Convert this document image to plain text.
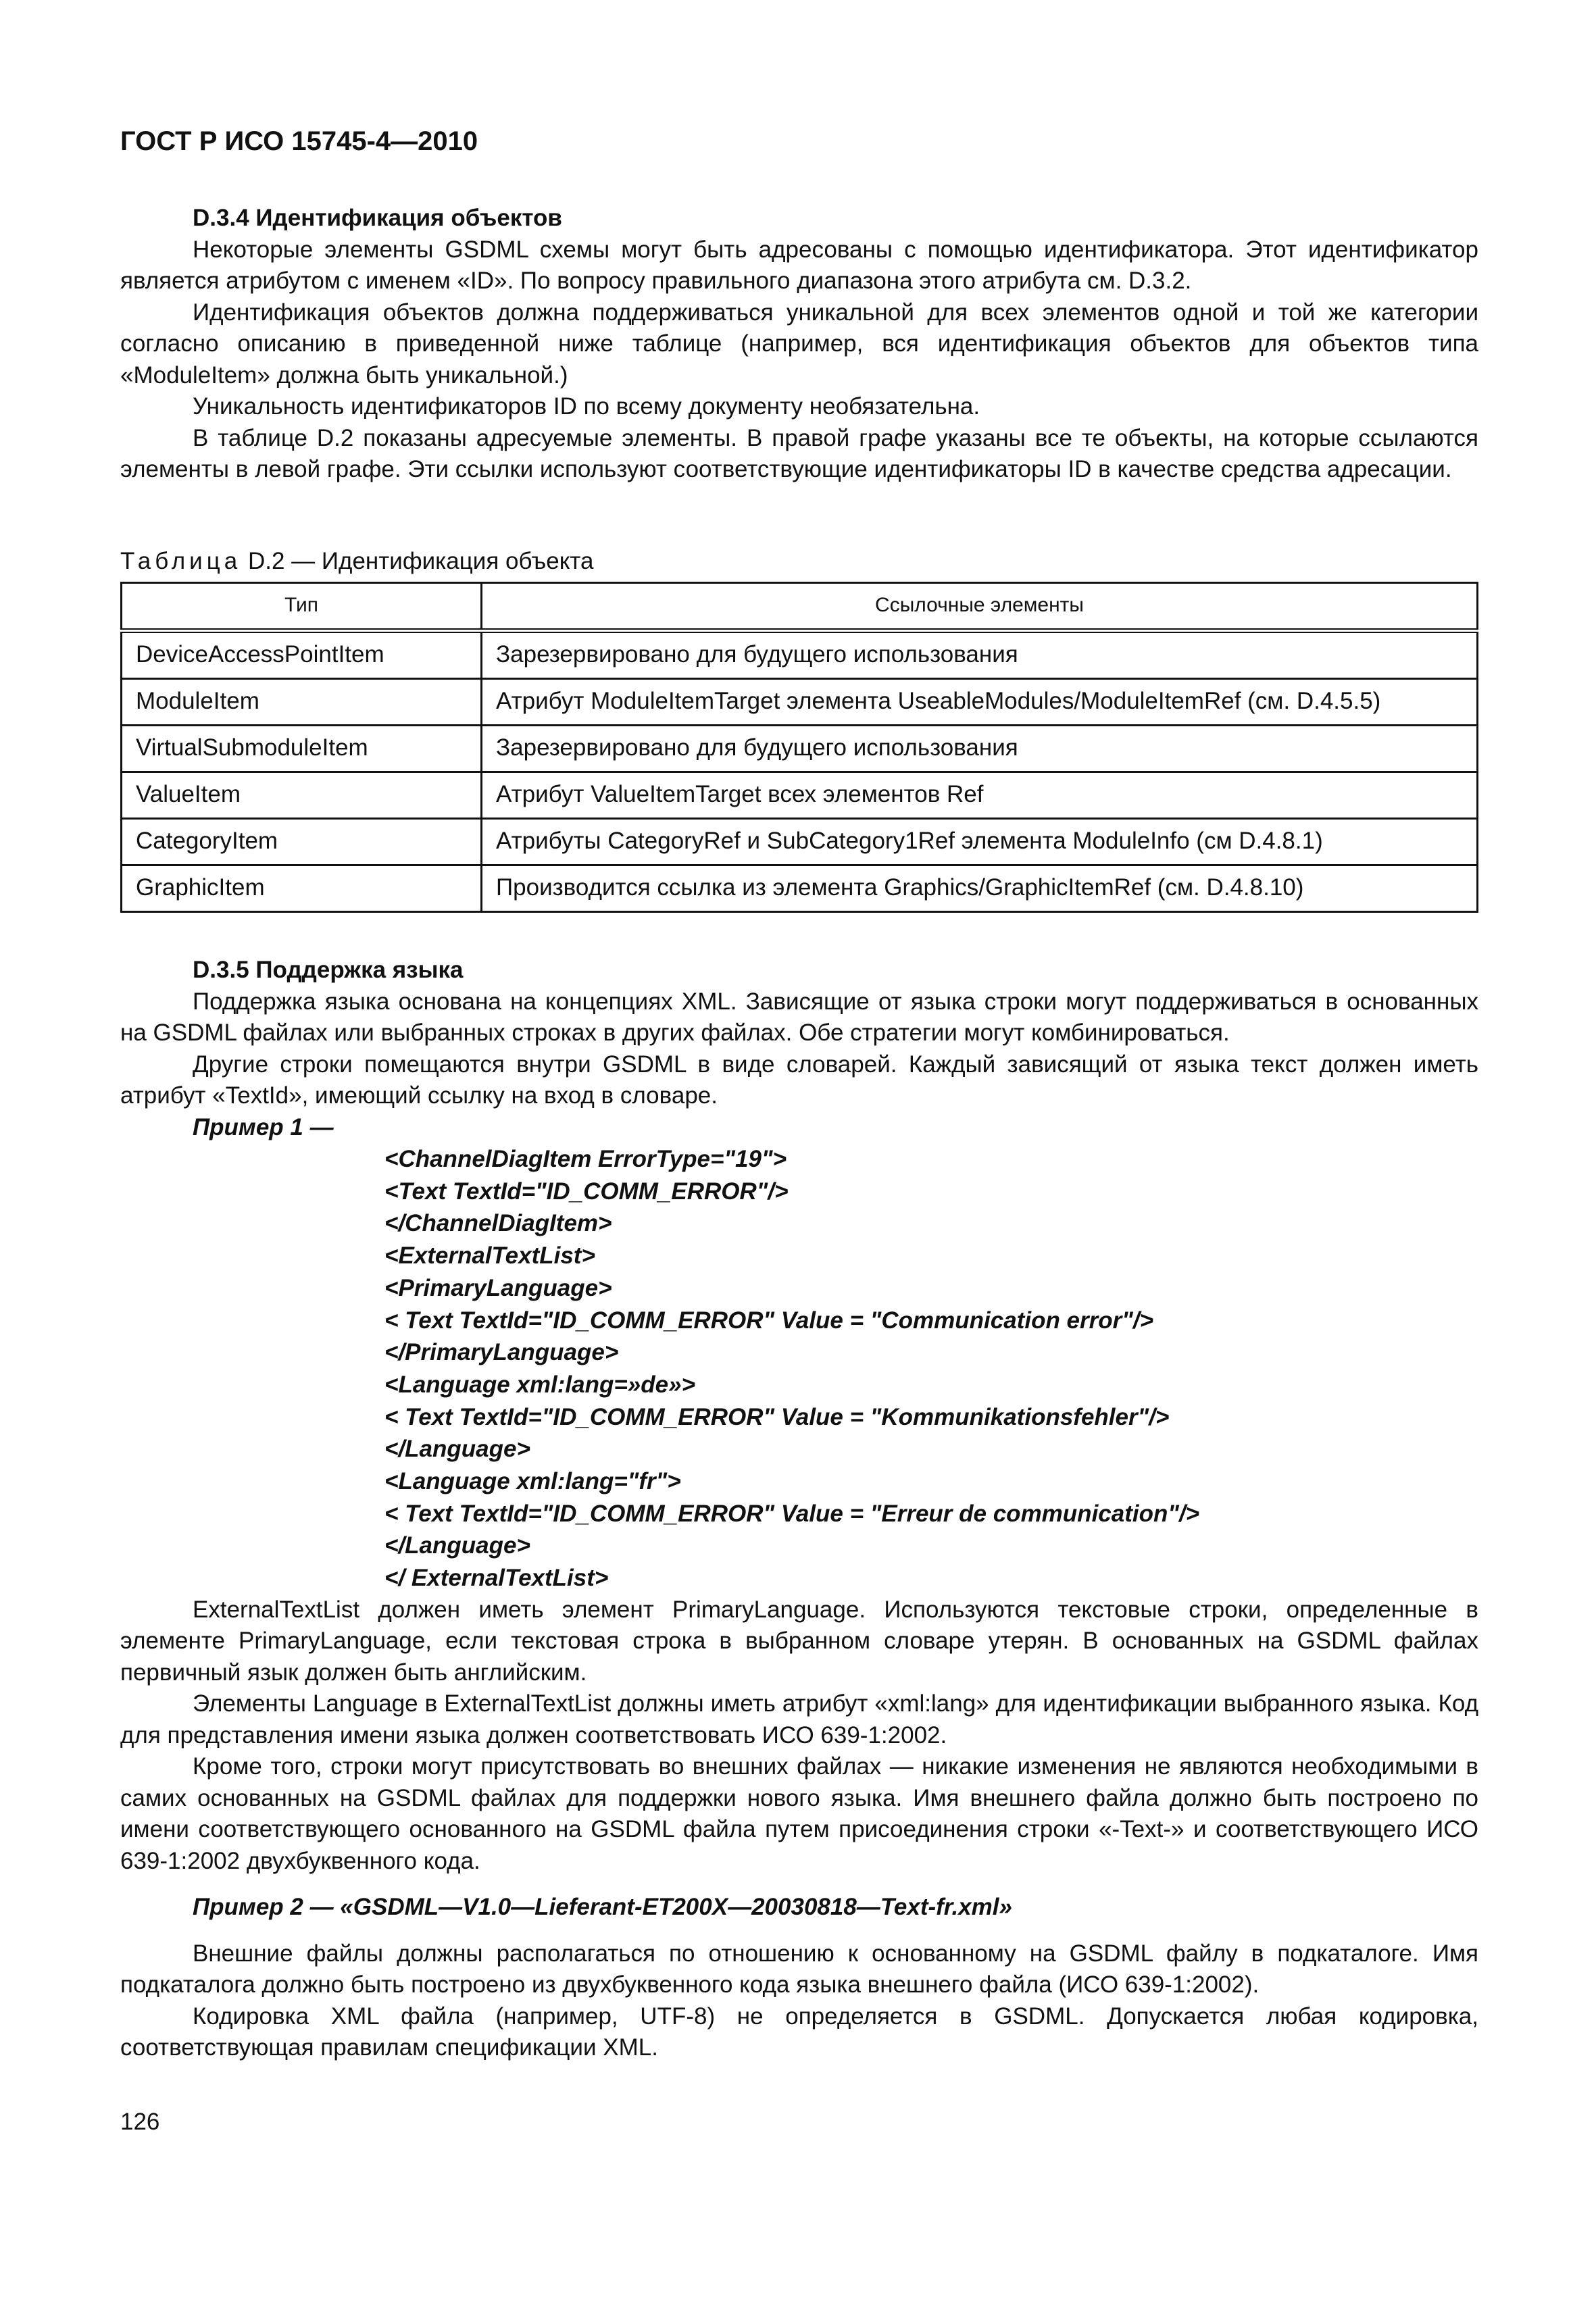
ГОСТ Р ИСО 15745-4—2010
D.3.4 Идентификация объектов

Некоторые элементы GSDML схемы могут быть адресованы с помощью идентификатора. Этот идентификатор является атрибутом с именем «ID». По вопросу правильного диапазона этого атрибута см. D.3.2.

Идентификация объектов должна поддерживаться уникальной для всех элементов одной и той же категории согласно описанию в приведенной ниже таблице (например, вся идентификация объектов для объектов типа «ModuleItem» должна быть уникальной.)

Уникальность идентификаторов ID по всему документу необязательна.

В таблице D.2 показаны адресуемые элементы. В правой графе указаны все те объекты, на которые ссылаются элементы в левой графе. Эти ссылки используют соответствующие идентификаторы ID в качестве средства адресации.

Таблица D.2 — Идентификация объекта
Тип	Ссылочные элементы
DeviceAccessPointItem	Зарезервировано для будущего использования
ModuleItem	Атрибут ModuleItemTarget элемента UseableModules/ModuleItemRef (см. D.4.5.5)
VirtualSubmoduleItem	Зарезервировано для будущего использования
ValueItem	Атрибут ValueItemTarget всех элементов Ref
CategoryItem	Атрибуты CategoryRef и SubCategory1Ref элемента ModuleInfo (см D.4.8.1)
GraphicItem	Производится ссылка из элемента Graphics/GraphicItemRef (см. D.4.8.10)
D.3.5 Поддержка языка

Поддержка языка основана на концепциях XML. Зависящие от языка строки могут поддерживаться в основанных на GSDML файлах или выбранных строках в других файлах. Обе стратегии могут комбинироваться.

Другие строки помещаются внутри GSDML в виде словарей. Каждый зависящий от языка текст должен иметь атрибут «TextId», имеющий ссылку на вход в словаре.

Пример 1 —
<ChannelDiagItem ErrorType="19">
<Text TextId="ID_COMM_ERROR"/>
</ChannelDiagItem>
<ExternalTextList>
<PrimaryLanguage>
< Text TextId="ID_COMM_ERROR" Value = "Communication error"/>
</PrimaryLanguage>
<Language xml:lang=»de»>
< Text TextId="ID_COMM_ERROR" Value = "Kommunikationsfehler"/>
</Language>
<Language xml:lang="fr">
< Text TextId="ID_COMM_ERROR" Value = "Erreur de communication"/>
</Language>
</ ExternalTextList>

ExternalTextList должен иметь элемент PrimaryLanguage. Используются текстовые строки, определенные в элементе PrimaryLanguage, если текстовая строка в выбранном словаре утерян. В основанных на GSDML файлах первичный язык должен быть английским.

Элементы Language в ExternalTextList должны иметь атрибут «xml:lang» для идентификации выбранного языка. Код для представления имени языка должен соответствовать ИСО 639-1:2002.

Кроме того, строки могут присутствовать во внешних файлах — никакие изменения не являются необходимыми в самих основанных на GSDML файлах для поддержки нового языка. Имя внешнего файла должно быть построено по имени соответствующего основанного на GSDML файла путем присоединения строки «-Text-» и соответствующего ИСО 639-1:2002 двухбуквенного кода.

Пример 2 — «GSDML—V1.0—Lieferant-ET200X—20030818—Text-fr.xml»

Внешние файлы должны располагаться по отношению к основанному на GSDML файлу в подкаталоге. Имя подкаталога должно быть построено из двухбуквенного кода языка внешнего файла (ИСО 639-1:2002).

Кодировка XML файла (например, UTF-8) не определяется в GSDML. Допускается любая кодировка, соответствующая правилам спецификации XML.

126
